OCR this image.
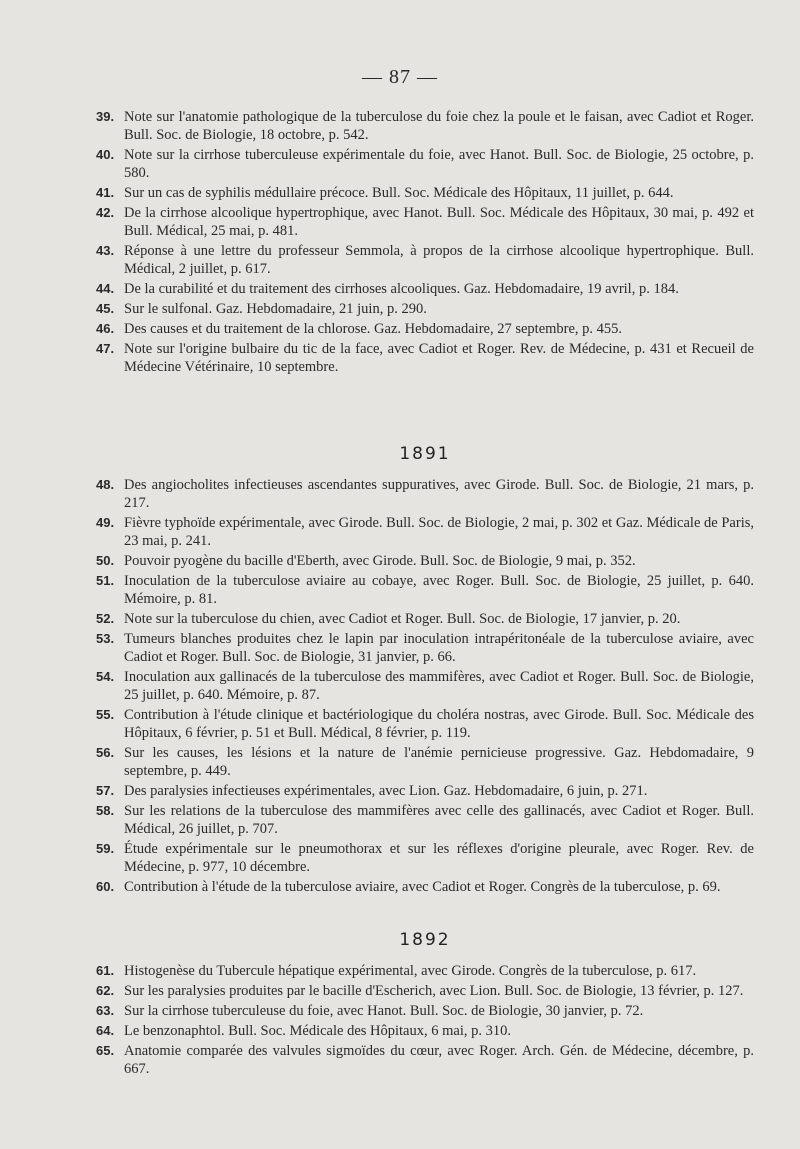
— 87 —
39. Note sur l'anatomie pathologique de la tuberculose du foie chez la poule et le faisan, avec Cadiot et Roger. Bull. Soc. de Biologie, 18 octobre, p. 542.
40. Note sur la cirrhose tuberculeuse expérimentale du foie, avec Hanot. Bull. Soc. de Biologie, 25 octobre, p. 580.
41. Sur un cas de syphilis médullaire précoce. Bull. Soc. Médicale des Hôpitaux, 11 juillet, p. 644.
42. De la cirrhose alcoolique hypertrophique, avec Hanot. Bull. Soc. Médicale des Hôpitaux, 30 mai, p. 492 et Bull. Médical, 25 mai, p. 481.
43. Réponse à une lettre du professeur Semmola, à propos de la cirrhose alcoolique hypertrophique. Bull. Médical, 2 juillet, p. 617.
44. De la curabilité et du traitement des cirrhoses alcooliques. Gaz. Hebdomadaire, 19 avril, p. 184.
45. Sur le sulfonal. Gaz. Hebdomadaire, 21 juin, p. 290.
46. Des causes et du traitement de la chlorose. Gaz. Hebdomadaire, 27 septembre, p. 455.
47. Note sur l'origine bulbaire du tic de la face, avec Cadiot et Roger. Rev. de Médecine, p. 431 et Recueil de Médecine Vétérinaire, 10 septembre.
1891
48. Des angiocholites infectieuses ascendantes suppuratives, avec Girode. Bull. Soc. de Biologie, 21 mars, p. 217.
49. Fièvre typhoïde expérimentale, avec Girode. Bull. Soc. de Biologie, 2 mai, p. 302 et Gaz. Médicale de Paris, 23 mai, p. 241.
50. Pouvoir pyogène du bacille d'Eberth, avec Girode. Bull. Soc. de Biologie, 9 mai, p. 352.
51. Inoculation de la tuberculose aviaire au cobaye, avec Roger. Bull. Soc. de Biologie, 25 juillet, p. 640. Mémoire, p. 81.
52. Note sur la tuberculose du chien, avec Cadiot et Roger. Bull. Soc. de Biologie, 17 janvier, p. 20.
53. Tumeurs blanches produites chez le lapin par inoculation intrapéritonéale de la tuberculose aviaire, avec Cadiot et Roger. Bull. Soc. de Biologie, 31 janvier, p. 66.
54. Inoculation aux gallinacés de la tuberculose des mammifères, avec Cadiot et Roger. Bull. Soc. de Biologie, 25 juillet, p. 640. Mémoire, p. 87.
55. Contribution à l'étude clinique et bactériologique du choléra nostras, avec Girode. Bull. Soc. Médicale des Hôpitaux, 6 février, p. 51 et Bull. Médical, 8 février, p. 119.
56. Sur les causes, les lésions et la nature de l'anémie pernicieuse progressive. Gaz. Hebdomadaire, 9 septembre, p. 449.
57. Des paralysies infectieuses expérimentales, avec Lion. Gaz. Hebdomadaire, 6 juin, p. 271.
58. Sur les relations de la tuberculose des mammifères avec celle des gallinacés, avec Cadiot et Roger. Bull. Médical, 26 juillet, p. 707.
59. Étude expérimentale sur le pneumothorax et sur les réflexes d'origine pleurale, avec Roger. Rev. de Médecine, p. 977, 10 décembre.
60. Contribution à l'étude de la tuberculose aviaire, avec Cadiot et Roger. Congrès de la tuberculose, p. 69.
1892
61. Histogenèse du Tubercule hépatique expérimental, avec Girode. Congrès de la tuberculose, p. 617.
62. Sur les paralysies produites par le bacille d'Escherich, avec Lion. Bull. Soc. de Biologie, 13 février, p. 127.
63. Sur la cirrhose tuberculeuse du foie, avec Hanot. Bull. Soc. de Biologie, 30 janvier, p. 72.
64. Le benzonaphtol. Bull. Soc. Médicale des Hôpitaux, 6 mai, p. 310.
65. Anatomie comparée des valvules sigmoïdes du cœur, avec Roger. Arch. Gén. de Médecine, décembre, p. 667.
